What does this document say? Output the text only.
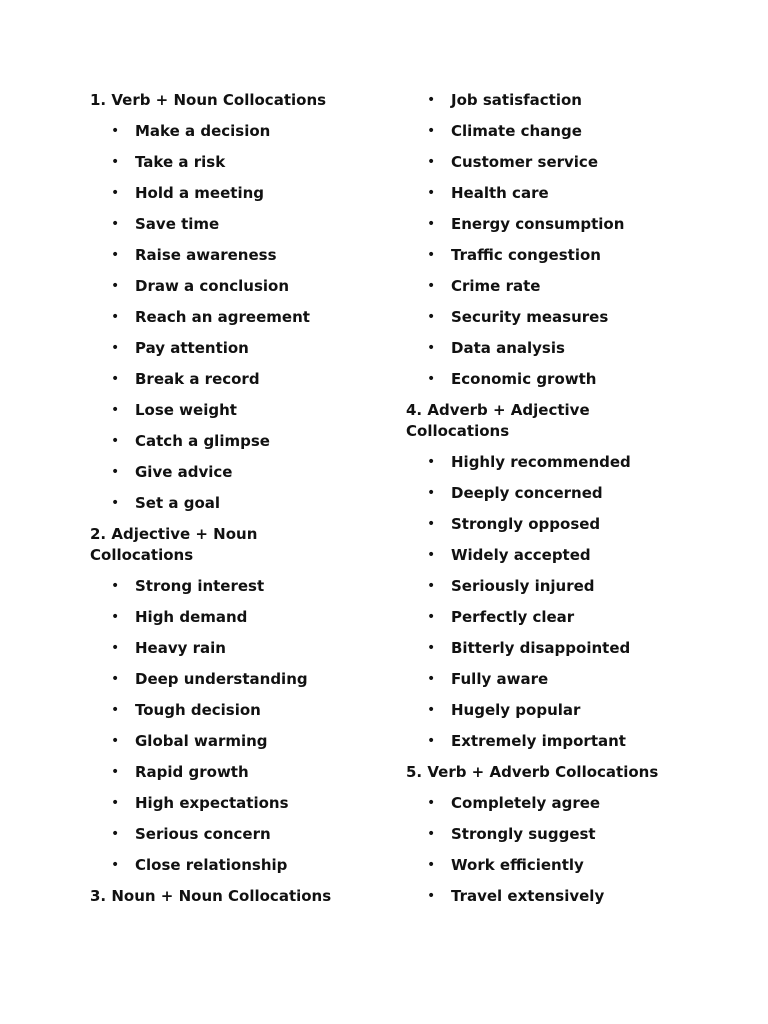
1. Verb + Noun Collocations
• Make a decision
• Take a risk
• Hold a meeting
• Save time
• Raise awareness
• Draw a conclusion
• Reach an agreement
• Pay attention
• Break a record
• Lose weight
• Catch a glimpse
• Give advice
• Set a goal
2. Adjective + Noun Collocations
• Strong interest
• High demand
• Heavy rain
• Deep understanding
• Tough decision
• Global warming
• Rapid growth
• High expectations
• Serious concern
• Close relationship
3. Noun + Noun Collocations
• Job satisfaction
• Climate change
• Customer service
• Health care
• Energy consumption
• Traffic congestion
• Crime rate
• Security measures
• Data analysis
• Economic growth
4. Adverb + Adjective Collocations
• Highly recommended
• Deeply concerned
• Strongly opposed
• Widely accepted
• Seriously injured
• Perfectly clear
• Bitterly disappointed
• Fully aware
• Hugely popular
• Extremely important
5. Verb + Adverb Collocations
• Completely agree
• Strongly suggest
• Work efficiently
• Travel extensively
